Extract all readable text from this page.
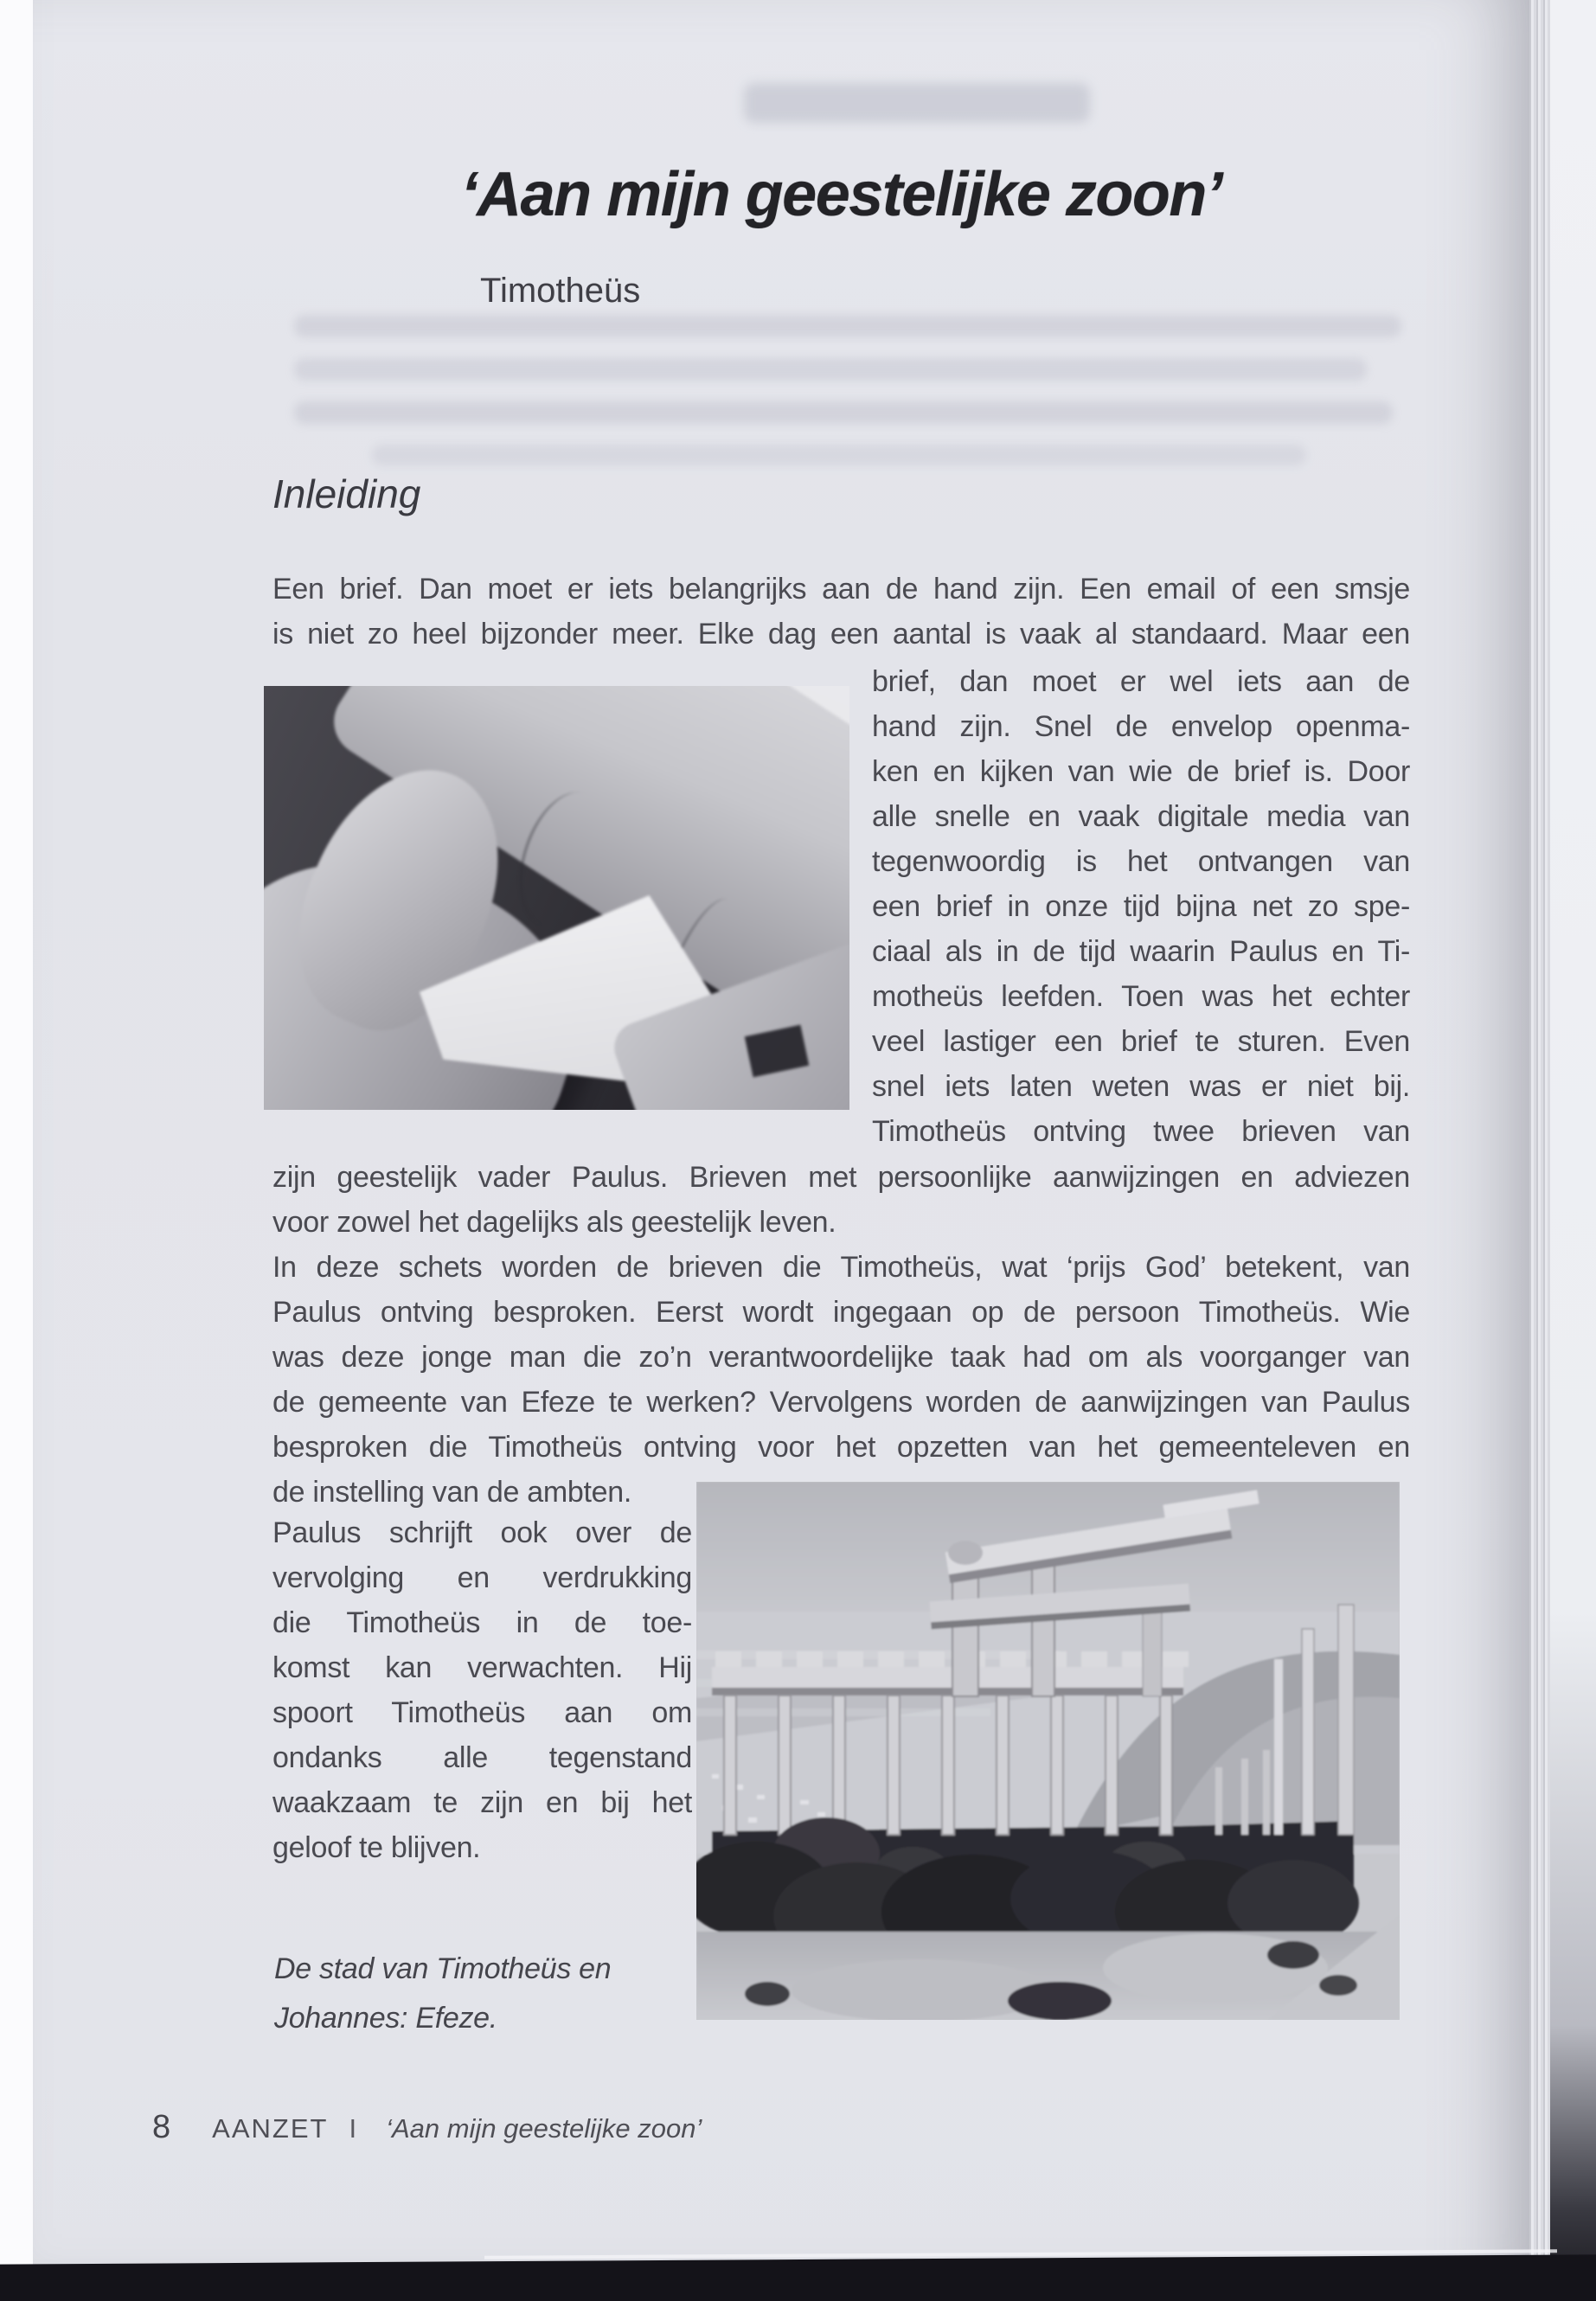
‘Aan mijn geestelijke zoon’
Timotheüs
Inleiding
Een brief. Dan moet er iets belangrijks aan de hand zijn. Een email of een smsje
is niet zo heel bijzonder meer. Elke dag een aantal is vaak al standaard. Maar een
brief, dan moet er wel iets aan de
hand zijn. Snel de envelop openma-
ken en kijken van wie de brief is. Door
alle snelle en vaak digitale media van
tegenwoordig is het ontvangen van
een brief in onze tijd bijna net zo spe-
ciaal als in de tijd waarin Paulus en Ti-
motheüs leefden. Toen was het echter
veel lastiger een brief te sturen. Even
snel iets laten weten was er niet bij.
Timotheüs ontving twee brieven van
zijn geestelijk vader Paulus. Brieven met persoonlijke aanwijzingen en adviezen
voor zowel het dagelijks als geestelijk leven.
In deze schets worden de brieven die Timotheüs, wat ‘prijs God’ betekent, van
Paulus ontving besproken. Eerst wordt ingegaan op de persoon Timotheüs. Wie
was deze jonge man die zo’n verantwoordelijke taak had om als voorganger van
de gemeente van Efeze te werken? Vervolgens worden de aanwijzingen van Paulus
besproken die Timotheüs ontving voor het opzetten van het gemeenteleven en
de instelling van de ambten.
Paulus schrijft ook over de
vervolging en verdrukking
die Timotheüs in de toe-
komst kan verwachten. Hij
spoort Timotheüs aan om
ondanks alle tegenstand
waakzaam te zijn en bij het
geloof te blijven.
De stad van Timotheüs en
Johannes: Efeze.
8 AANZET I ‘Aan mijn geestelijke zoon’
